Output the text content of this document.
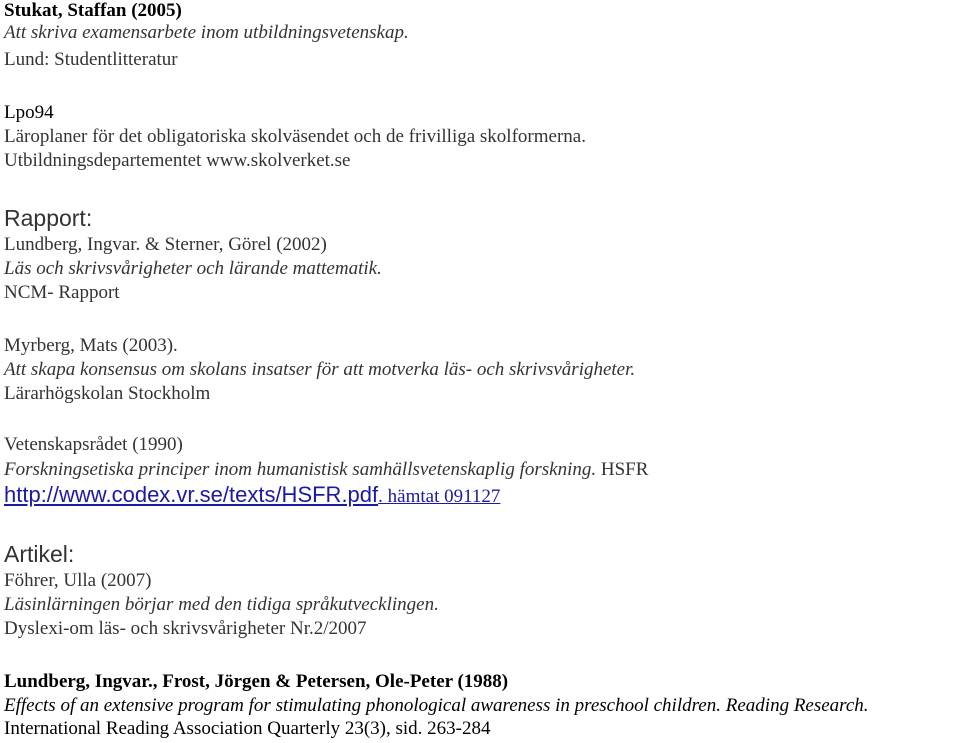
Stukat, Staffan (2005)
Att skriva examensarbete inom utbildningsvetenskap.
Lund: Studentlitteratur
Lpo94
Läroplaner för det obligatoriska skolväsendet och de frivilliga skolformerna.
Utbildningsdepartementet www.skolverket.se
Rapport:
Lundberg, Ingvar. & Sterner, Görel (2002)
Läs och skrivsvårigheter och lärande mattematik.
NCM- Rapport
Myrberg, Mats (2003).
Att skapa konsensus om skolans insatser för att motverka läs- och skrivsvårigheter.
Lärarhögskolan Stockholm
Vetenskapsrådet (1990)
Forskningsetiska principer inom humanistisk samhällsvetenskaplig forskning. HSFR
http://www.codex.vr.se/texts/HSFR.pdf. hämtat 091127
Artikel:
Föhrer, Ulla (2007)
Läsinlärningen börjar med den tidiga språkutvecklingen.
Dyslexi-om läs- och skrivsvårigheter Nr.2/2007
Lundberg, Ingvar., Frost, Jörgen & Petersen, Ole-Peter (1988)
Effects of an extensive program for stimulating phonological awareness in preschool children. Reading Research.
International Reading Association Quarterly 23(3), sid. 263-284
